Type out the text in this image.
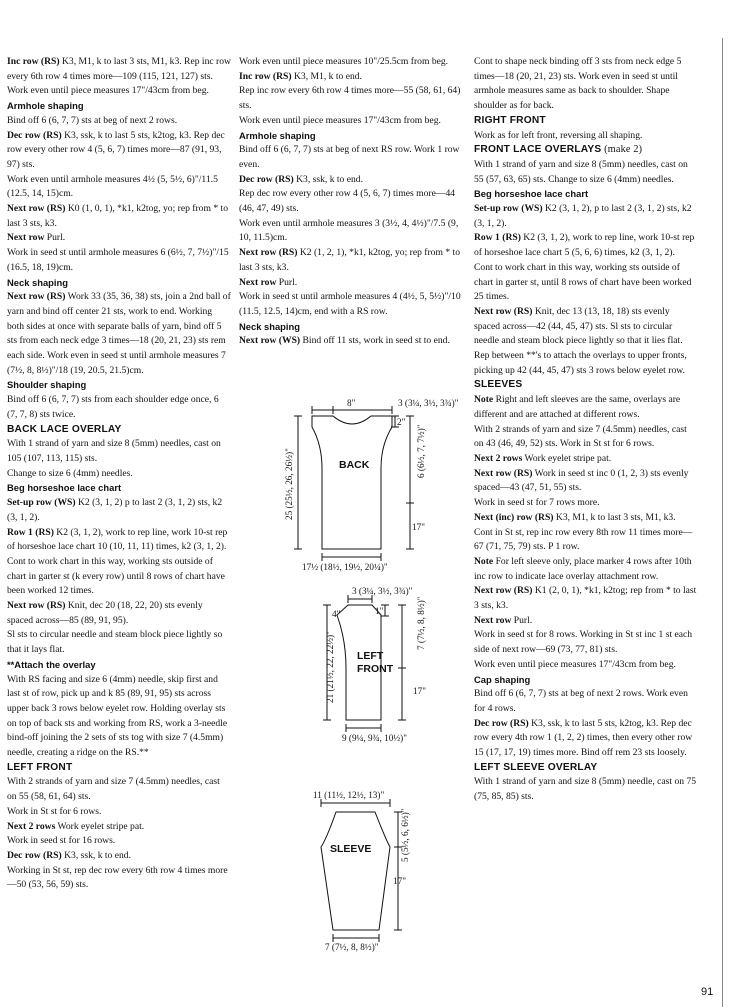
Inc row (RS) K3, M1, k to last 3 sts, M1, k3. Rep inc row every 6th row 4 times more—109 (115, 121, 127) sts.

Work even until piece measures 17"/43cm from beg.

Armhole shaping

Bind off 6 (6, 7, 7) sts at beg of next 2 rows.

Dec row (RS) K3, ssk, k to last 5 sts, k2tog, k3. Rep dec row every other row 4 (5, 6, 7) times more—87 (91, 93, 97) sts.

Work even until armhole measures 4½ (5, 5½, 6)"/11.5 (12.5, 14, 15)cm.

Next row (RS) K0 (1, 0, 1), *k1, k2tog, yo; rep from * to last 3 sts, k3.

Next row Purl.

Work in seed st until armhole measures 6 (6½, 7, 7½)"/15 (16.5, 18, 19)cm.

Neck shaping

Next row (RS) Work 33 (35, 36, 38) sts, join a 2nd ball of yarn and bind off center 21 sts, work to end. Working both sides at once with separate balls of yarn, bind off 5 sts from each neck edge 3 times—18 (20, 21, 23) sts rem each side. Work even in seed st until armhole measures 7 (7½, 8, 8½)"/18 (19, 20.5, 21.5)cm.

Shoulder shaping

Bind off 6 (6, 7, 7) sts from each shoulder edge once, 6 (7, 7, 8) sts twice.

BACK LACE OVERLAY

With 1 strand of yarn and size 8 (5mm) needles, cast on 105 (107, 113, 115) sts.

Change to size 6 (4mm) needles.

Beg horseshoe lace chart

Set-up row (WS) K2 (3, 1, 2) p to last 2 (3, 1, 2) sts, k2 (3, 1, 2).

Row 1 (RS) K2 (3, 1, 2), work to rep line, work 10-st rep of horseshoe lace chart 10 (10, 11, 11) times, k2 (3, 1, 2).

Cont to work chart in this way, working sts outside of chart in garter st (k every row) until 8 rows of chart have been worked 12 times.

Next row (RS) Knit, dec 20 (18, 22, 20) sts evenly spaced across—85 (89, 91, 95).

Sl sts to circular needle and steam block piece lightly so that it lays flat.

**Attach the overlay

With RS facing and size 6 (4mm) needle, skip first and last st of row, pick up and k 85 (89, 91, 95) sts across upper back 3 rows below eyelet row. Holding overlay sts on top of back sts and working from RS, work a 3-needle bind-off joining the 2 sets of sts tog with size 7 (4.5mm) needle, creating a ridge on the RS.**

LEFT FRONT

With 2 strands of yarn and size 7 (4.5mm) needles, cast on 55 (58, 61, 64) sts.

Work in St st for 6 rows.

Next 2 rows Work eyelet stripe pat.

Work in seed st for 16 rows.

Dec row (RS) K3, ssk, k to end.

Working in St st, rep dec row every 6th row 4 times more—50 (53, 56, 59) sts.

Work even until piece measures 10"/25.5cm from beg.

Inc row (RS) K3, M1, k to end.

Rep inc row every 6th row 4 times more—55 (58, 61, 64) sts.

Work even until piece measures 17"/43cm from beg.

Armhole shaping

Bind off 6 (6, 7, 7) sts at beg of next RS row. Work 1 row even.

Dec row (RS) K3, ssk, k to end.

Rep dec row every other row 4 (5, 6, 7) times more—44 (46, 47, 49) sts.

Work even until armhole measures 3 (3½, 4, 4½)"/7.5 (9, 10, 11.5)cm.

Next row (RS) K2 (1, 2, 1), *k1, k2tog, yo; rep from * to last 3 sts, k3.

Next row Purl.

Work in seed st until armhole measures 4 (4½, 5, 5½)"/10 (11.5, 12.5, 14)cm, end with a RS row.

Neck shaping

Next row (WS) Bind off 11 sts, work in seed st to end.

Cont to shape neck binding off 3 sts from neck edge 5 times—18 (20, 21, 23) sts. Work even in seed st until armhole measures same as back to shoulder. Shape shoulder as for back.

RIGHT FRONT

Work as for left front, reversing all shaping.

FRONT LACE OVERLAYS (make 2)

With 1 strand of yarn and size 8 (5mm) needles, cast on 55 (57, 63, 65) sts. Change to size 6 (4mm) needles.

Beg horseshoe lace chart

Set-up row (WS) K2 (3, 1, 2), p to last 2 (3, 1, 2) sts, k2 (3, 1, 2).

Row 1 (RS) K2 (3, 1, 2), work to rep line, work 10-st rep of horseshoe lace chart 5 (5, 6, 6) times, k2 (3, 1, 2).

Cont to work chart in this way, working sts outside of chart in garter st, until 8 rows of chart have been worked 25 times.

Next row (RS) Knit, dec 13 (13, 18, 18) sts evenly spaced across—42 (44, 45, 47) sts. Sl sts to circular needle and steam block piece lightly so that it lies flat.

Rep between **'s to attach the overlays to upper fronts, picking up 42 (44, 45, 47) sts 3 rows below eyelet row.

SLEEVES

Note Right and left sleeves are the same, overlays are different and are attached at different rows.

With 2 strands of yarn and size 7 (4.5mm) needles, cast on 43 (46, 49, 52) sts. Work in St st for 6 rows.

Next 2 rows Work eyelet stripe pat.

Next row (RS) Work in seed st inc 0 (1, 2, 3) sts evenly spaced—43 (47, 51, 55) sts.

Work in seed st for 7 rows more.

Next (inc) row (RS) K3, M1, k to last 3 sts, M1, k3.

Cont in St st, rep inc row every 8th row 11 times more—67 (71, 75, 79) sts. P 1 row.

Note For left sleeve only, place marker 4 rows after 10th inc row to indicate lace overlay attachment row.

Next row (RS) K1 (2, 0, 1), *k1, k2tog; rep from * to last 3 sts, k3.

Next row Purl.

Work in seed st for 8 rows. Working in St st inc 1 st each side of next row—69 (73, 77, 81) sts.

Work even until piece measures 17"/43cm from beg.

Cap shaping

Bind off 6 (6, 7, 7) sts at beg of next 2 rows. Work even for 4 rows.

Dec row (RS) K3, ssk, k to last 5 sts, k2tog, k3. Rep dec row every 4th row 1 (1, 2, 2) times, then every other row 15 (17, 17, 19) times more. Bind off rem 23 sts loosely.

LEFT SLEEVE OVERLAY

With 1 strand of yarn and size 8 (5mm) needle, cast on 75 (75, 85, 85) sts.

BACK
8"	3 (3¼, 3½, 3¾)"
2"
6 (6½, 7, 7½)"
17"
25 (25½, 26, 26½)"
17½ (18½, 19½, 20¼)"
LEFT
FRONT
3 (3¼, 3½, 3¾)"
4"	1"	7 (7½, 8, 8½)"
17"
21 (21½, 22, 22½)"
9 (9¼, 9¾, 10½)"
SLEEVE
11 (11½, 12½, 13)"
5 (5½, 6, 6½)"
17"
7 (7½, 8, 8½)"
91
